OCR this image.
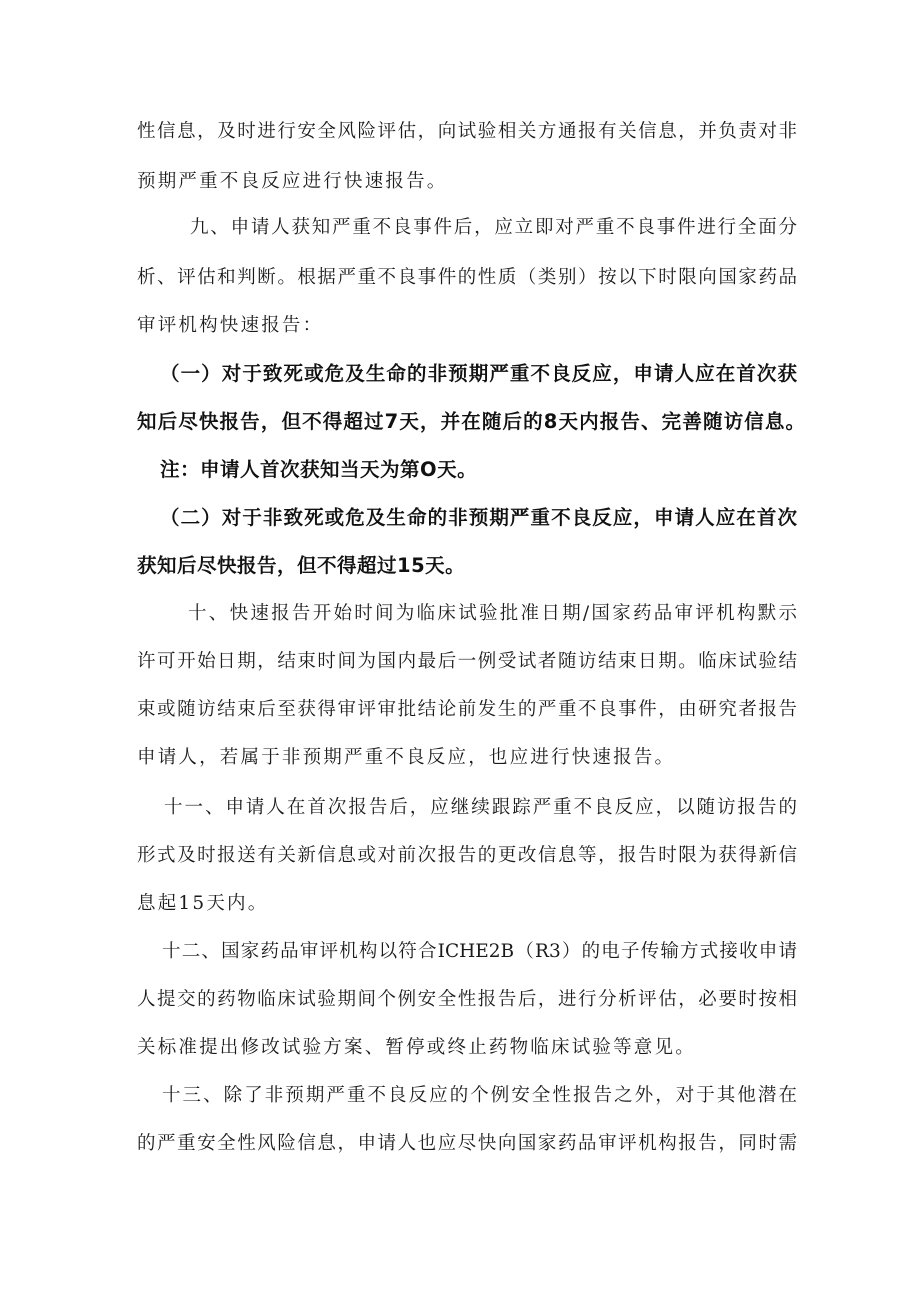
性信息，及时进行安全风险评估，向试验相关方通报有关信息，并负责对非
预期严重不良反应进行快速报告。
九、申请人获知严重不良事件后，应立即对严重不良事件进行全面分
析、评估和判断。根据严重不良事件的性质（类别）按以下时限向国家药品
审评机构快速报告：
（一）对于致死或危及生命的非预期严重不良反应，申请人应在首次获
知后尽快报告，但不得超过7天，并在随后的8天内报告、完善随访信息。
注：申请人首次获知当天为第O天。
（二）对于非致死或危及生命的非预期严重不良反应，申请人应在首次
获知后尽快报告，但不得超过15天。
十、快速报告开始时间为临床试验批准日期/国家药品审评机构默示
许可开始日期，结束时间为国内最后一例受试者随访结束日期。临床试验结
束或随访结束后至获得审评审批结论前发生的严重不良事件，由研究者报告
申请人，若属于非预期严重不良反应，也应进行快速报告。
十一、申请人在首次报告后，应继续跟踪严重不良反应，以随访报告的
形式及时报送有关新信息或对前次报告的更改信息等，报告时限为获得新信
息起15天内。
十二、国家药品审评机构以符合ICHE2B（R3）的电子传输方式接收申请
人提交的药物临床试验期间个例安全性报告后，进行分析评估，必要时按相
关标准提出修改试验方案、暂停或终止药物临床试验等意见。
十三、除了非预期严重不良反应的个例安全性报告之外，对于其他潜在
的严重安全性风险信息，申请人也应尽快向国家药品审评机构报告，同时需
